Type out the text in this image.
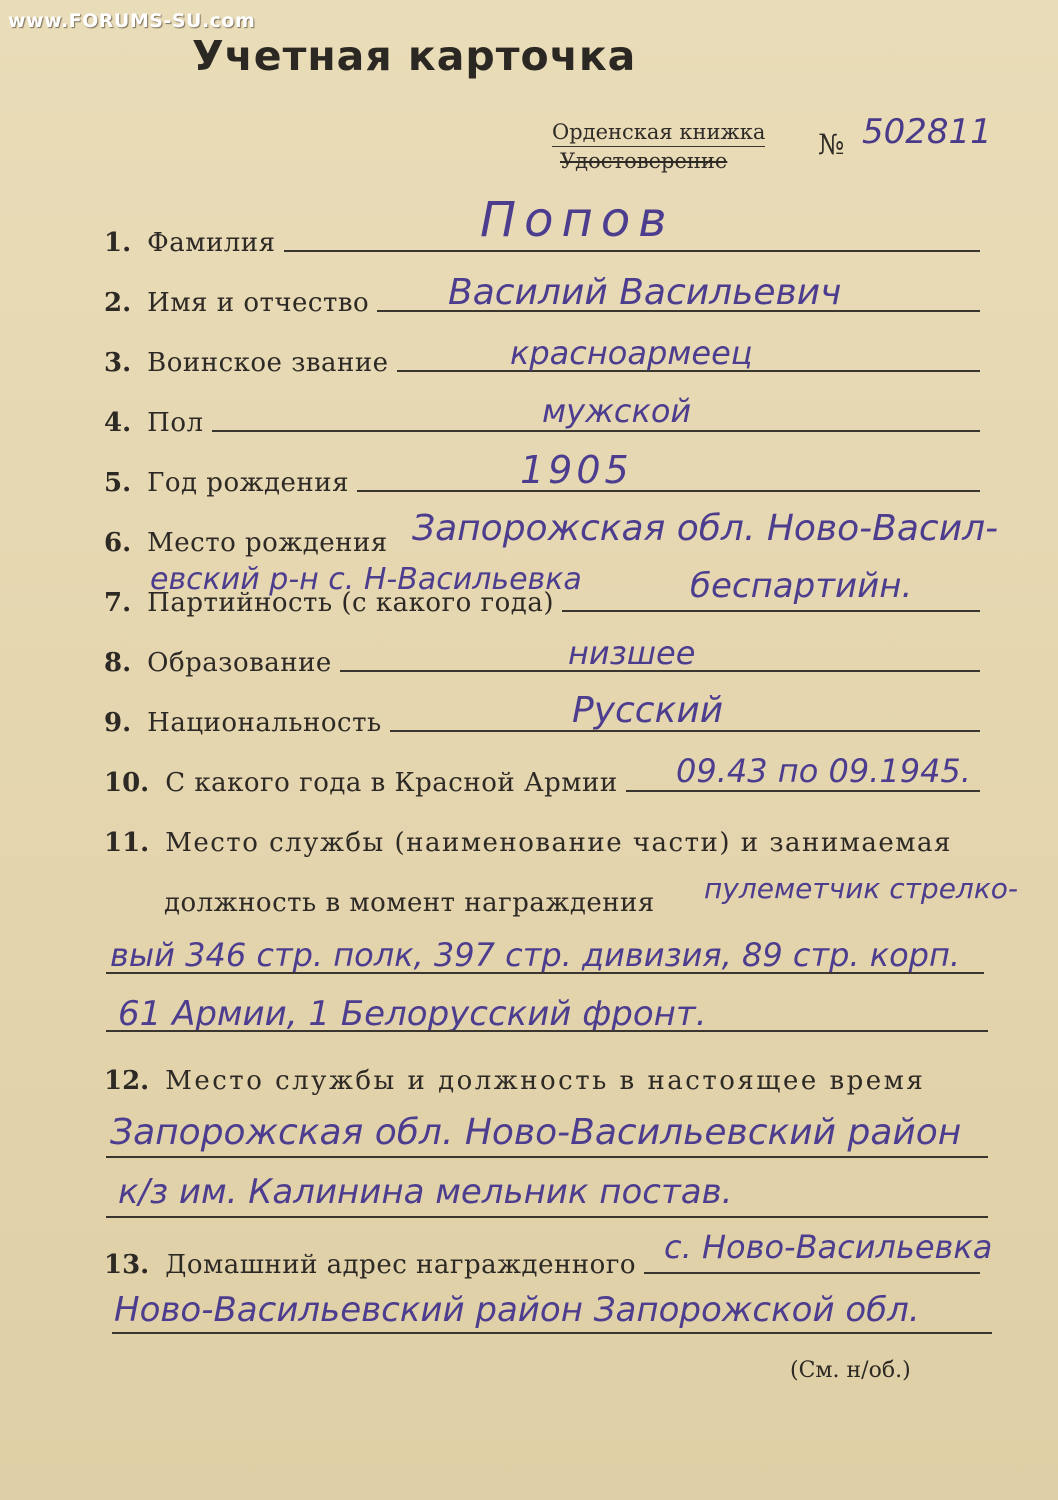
www.FORUMS-SU.com
Учетная карточка
Орденская книжка
Удостоверение	№ 502811
1. Фамилия	Попов
2. Имя и отчество Василий Васильевич
3. Воинское звание	красноармеец
4. Пол	мужской
5. Год рождения	1905
6. Место рождения Запорожская обл. Ново-Васил-
евский р-н с. Н-Васильевка
7. Партийность (с какого года)	беспартийн.
8. Образование	низшее
9. Национальность	Русский
10. С какого года в Красной Армии 09.43 по 09.1945.
11. Место службы (наименование части) и занимаемая
должность в момент награждения пулеметчик стрелко-
вый 346 стр. полк, 397 стр. дивизия, 89 стр. корп.
61 Армии, 1 Белорусский фронт.
12. Место службы и должность в настоящее время
Запорожская обл. Ново-Васильевский район
к/з им. Калинина мельник постав.
13. Домашний адрес награжденного с. Ново-Васильевка
Ново-Васильевский район Запорожской обл.
(См. н/об.)
